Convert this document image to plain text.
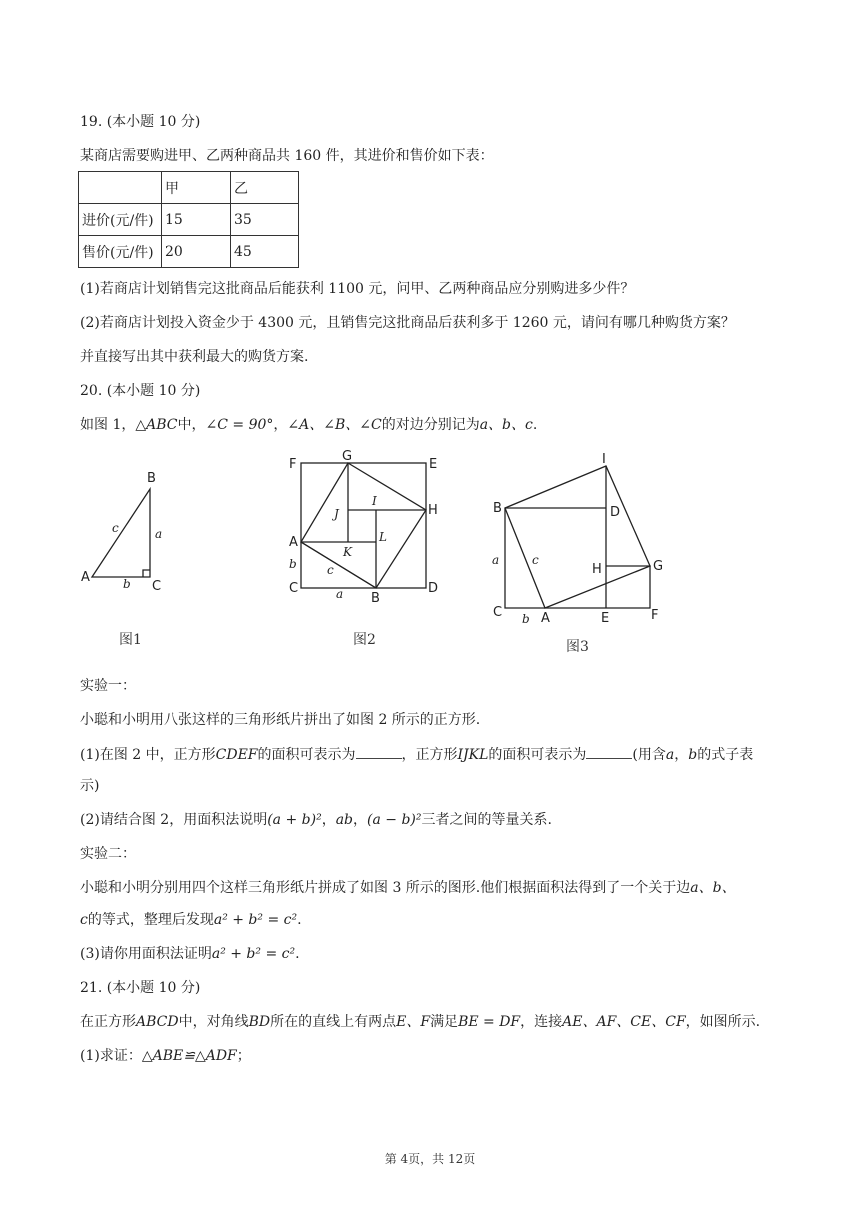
19. (本小题 10 分)
某商店需要购进甲、乙两种商品共 160 件，其进价和售价如下表：
	甲	乙
进价(元/件)	15	35
售价(元/件)	20	45
(1)若商店计划销售完这批商品后能获利 1100 元，问甲、乙两种商品应分别购进多少件？
(2)若商店计划投入资金少于 4300 元，且销售完这批商品后获利多于 1260 元，请问有哪几种购货方案？
并直接写出其中获利最大的购货方案.
20. (本小题 10 分)
如图 1，△ABC中，∠C = 90°，∠A、∠B、∠C的对边分别记为a、b、c.
A
B
C
a
b
c
图1
F
G
E
H
I
J
A
K
L
b	c
C	a B
D
图2
I
B	D
a	c
H	G
C b A	E	F
图3
实验一：
小聪和小明用八张这样的三角形纸片拼出了如图 2 所示的正方形.
(1)在图 2 中，正方形CDEF的面积可表示为	，正方形IJKL的面积可表示为	(用含a，b的式子表
示)
(2)请结合图 2，用面积法说明(a + b)²，ab，(a − b)²三者之间的等量关系.
实验二：
小聪和小明分别用四个这样三角形纸片拼成了如图 3 所示的图形.他们根据面积法得到了一个关于边a、b、
c的等式，整理后发现a² + b² = c².
(3)请你用面积法证明a² + b² = c².
21. (本小题 10 分)
在正方形ABCD中，对角线BD所在的直线上有两点E、F满足BE = DF，连接AE、AF、CE、CF，如图所示.
(1)求证：△ABE≌△ADF；
第 4页，共 12页
